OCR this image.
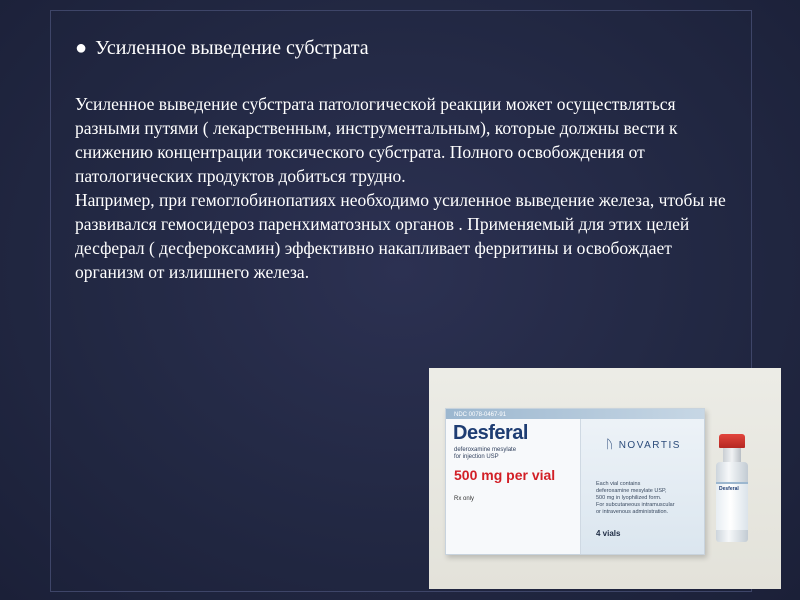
● Усиленное выведение субстрата

Усиленное выведение субстрата патологической реакции может осуществляться разными путями ( лекарственным, инструментальным), которые должны вести к снижению концентрации токсического субстрата. Полного освобождения от патологических продуктов добиться трудно.

Например, при гемоглобинопатиях необходимо усиленное выведение железа, чтобы не развивался гемосидероз паренхиматозных органов . Применяемый для этих целей десферал ( десфероксамин) эффективно накапливает ферритины и освобождает организм от излишнего железа.

NDC 0078-0467-91
Desferal
deferoxamine mesylate
for injection USP
500 mg per vial
Rx only
ᚢ NOVARTIS
Each vial contains
deferoxamine mesylate USP,
500 mg in lyophilized form.
For subcutaneous intramuscular
or intravenous administration.
4 vials
Desferal
